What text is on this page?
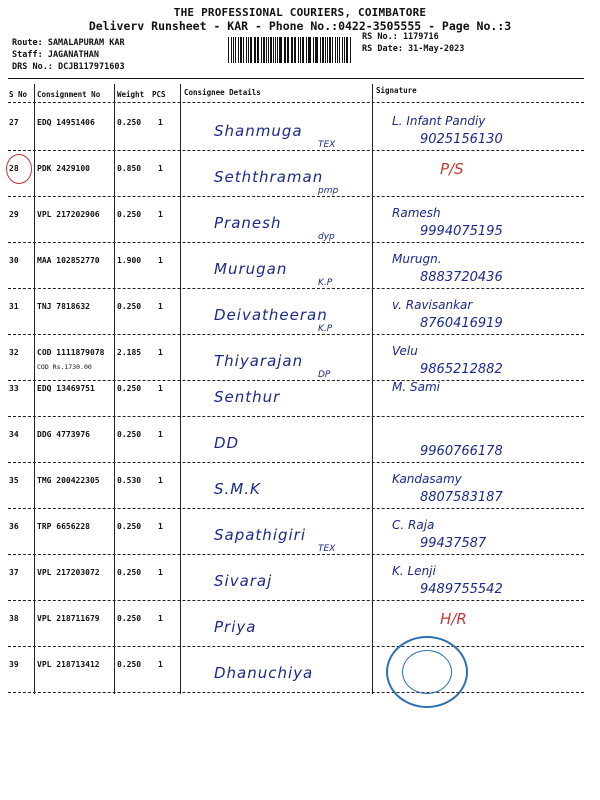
THE PROFESSIONAL COURIERS, COIMBATORE
Deliverv Runsheet - KAR - Phone No.:0422-3505555 - Page No.:3
Route: SAMALAPURAM KAR
Staff: JAGANATHAN
DRS No.: DCJB117971603
RS No.: 1179716
RS Date: 31-May-2023
S No Consignment No Weight PCS Consignee Details	Signature
27 EDQ 14951406	0.250 1	Shanmuga
TEX
L. Infant Pandiy
9025156130
28 PDK 2429100	0.850 1	Seththraman
pmp
P/S
29 VPL 217202906 0.250 1	Pranesh
dyp
Ramesh
9994075195
30 MAA 102852770 1.900 1	Murugan
K.P
Murugn.
8883720436
31 TNJ 7818632	0.250 1	Deivatheeran
K.P
v. Ravisankar
8760416919
32 COD 1111879078 2.185 1
COD Rs.1730.00	Thiyarajan
DP
Velu
9865212882
33 EDQ 13469751	0.250 1	Senthur
M. Sami
34 DDG 4773976	0.250 1	DD	9960766178
35 TMG 200422305 0.530 1	S.M.K
Kandasamy
8807583187
36 TRP 6656228	0.250 1	Sapathigiri
TEX
C. Raja
99437587
37 VPL 217203072 0.250 1	Sivaraj
K. Lenji
9489755542
38 VPL 218711679 0.250 1	Priya	H/R
39 VPL 218713412 0.250 1	Dhanuchiya
